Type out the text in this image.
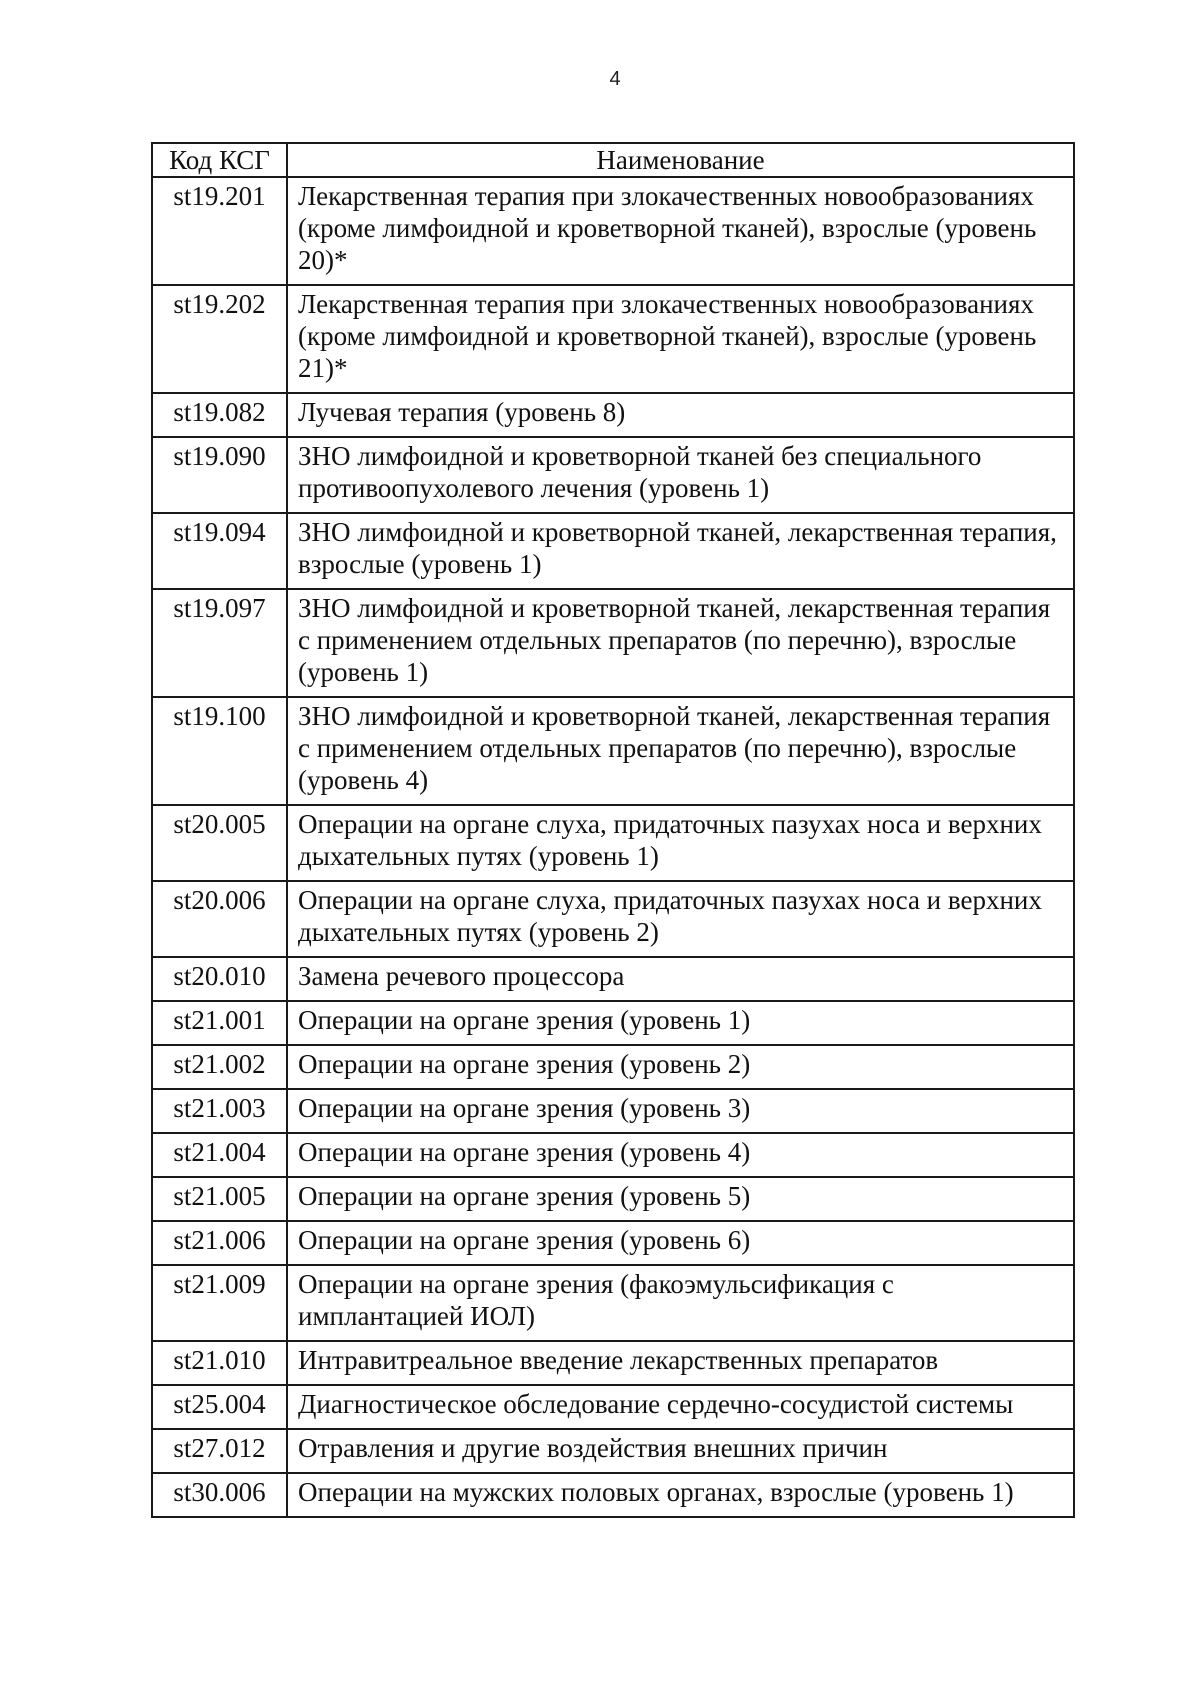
4
Код КСГ	Наименование
st19.201	Лекарственная терапия при злокачественных новообразованиях (кроме лимфоидной и кроветворной тканей), взрослые (уровень 20)*
st19.202	Лекарственная терапия при злокачественных новообразованиях (кроме лимфоидной и кроветворной тканей), взрослые (уровень 21)*
st19.082	Лучевая терапия (уровень 8)
st19.090	ЗНО лимфоидной и кроветворной тканей без специального противоопухолевого лечения (уровень 1)
st19.094	ЗНО лимфоидной и кроветворной тканей, лекарственная терапия, взрослые (уровень 1)
st19.097	ЗНО лимфоидной и кроветворной тканей, лекарственная терапия с применением отдельных препаратов (по перечню), взрослые (уровень 1)
st19.100	ЗНО лимфоидной и кроветворной тканей, лекарственная терапия с применением отдельных препаратов (по перечню), взрослые (уровень 4)
st20.005	Операции на органе слуха, придаточных пазухах носа и верхних дыхательных путях (уровень 1)
st20.006	Операции на органе слуха, придаточных пазухах носа и верхних дыхательных путях (уровень 2)
st20.010	Замена речевого процессора
st21.001	Операции на органе зрения (уровень 1)
st21.002	Операции на органе зрения (уровень 2)
st21.003	Операции на органе зрения (уровень 3)
st21.004	Операции на органе зрения (уровень 4)
st21.005	Операции на органе зрения (уровень 5)
st21.006	Операции на органе зрения (уровень 6)
st21.009	Операции на органе зрения (факоэмульсификация с имплантацией ИОЛ)
st21.010	Интравитреальное введение лекарственных препаратов
st25.004	Диагностическое обследование сердечно-сосудистой системы
st27.012	Отравления и другие воздействия внешних причин
st30.006	Операции на мужских половых органах, взрослые (уровень 1)
